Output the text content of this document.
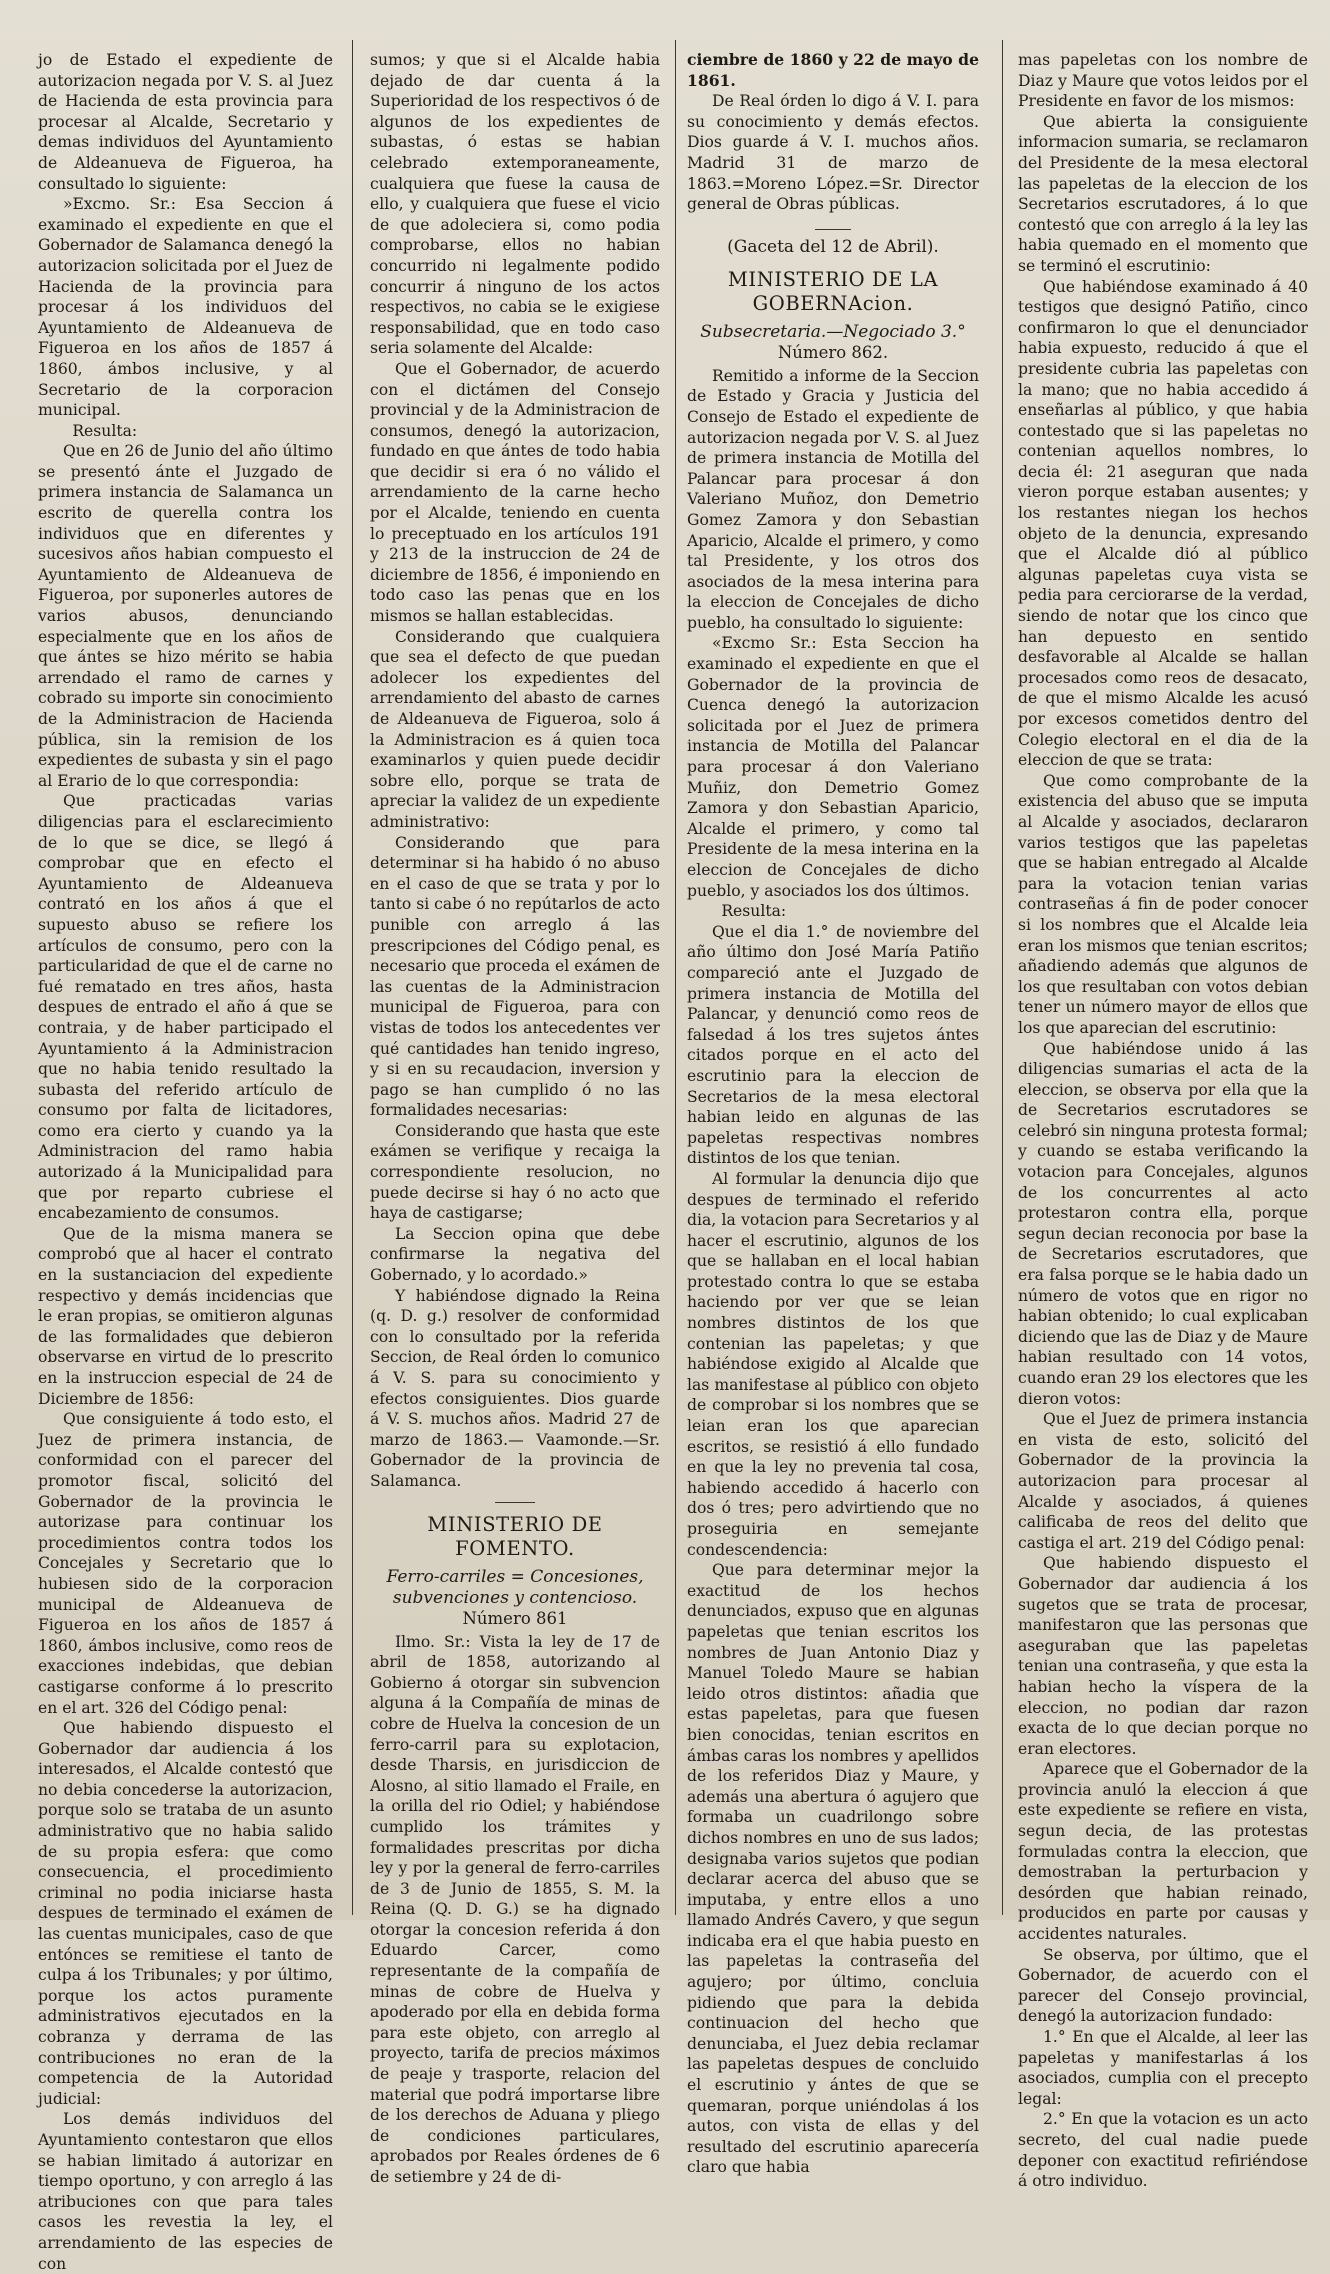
jo de Estado el expediente de autorizacion negada por V. S. al Juez de Hacienda de esta provincia para procesar al Alcalde, Secretario y demas individuos del Ayuntamiento de Aldeanueva de Figueroa, ha consultado lo siguiente:

»Excmo. Sr.: Esa Seccion á examinado el expediente en que el Gobernador de Salamanca denegó la autorizacion solicitada por el Juez de Hacienda de la provincia para procesar á los individuos del Ayuntamiento de Aldeanueva de Figueroa en los años de 1857 á 1860, ámbos inclusive, y al Secretario de la corporacion municipal.

Resulta:

Que en 26 de Junio del año último se presentó ánte el Juzgado de primera instancia de Salamanca un escrito de querella contra los individuos que en diferentes y sucesivos años habian compuesto el Ayuntamiento de Aldeanueva de Figueroa, por suponerles autores de varios abusos, denunciando especialmente que en los años de que ántes se hizo mérito se habia arrendado el ramo de carnes y cobrado su importe sin conocimiento de la Administracion de Hacienda pública, sin la remision de los expedientes de subasta y sin el pago al Erario de lo que correspondia:

Que practicadas varias diligencias para el esclarecimiento de lo que se dice, se llegó á comprobar que en efecto el Ayuntamiento de Aldeanueva contrató en los años á que el supuesto abuso se refiere los artículos de consumo, pero con la particularidad de que el de carne no fué rematado en tres años, hasta despues de entrado el año á que se contraia, y de haber participado el Ayuntamiento á la Administracion que no habia tenido resultado la subasta del referido artículo de consumo por falta de licitadores, como era cierto y cuando ya la Administracion del ramo habia autorizado á la Municipalidad para que por reparto cubriese el encabezamiento de consumos.

Que de la misma manera se comprobó que al hacer el contrato en la sustanciacion del expediente respectivo y demás incidencias que le eran propias, se omitieron algunas de las formalidades que debieron observarse en virtud de lo prescrito en la instruccion especial de 24 de Diciembre de 1856:

Que consiguiente á todo esto, el Juez de primera instancia, de conformidad con el parecer del promotor fiscal, solicitó del Gobernador de la provincia le autorizase para continuar los procedimientos contra todos los Concejales y Secretario que lo hubiesen sido de la corporacion municipal de Aldeanueva de Figueroa en los años de 1857 á 1860, ámbos inclusive, como reos de exacciones indebidas, que debian castigarse conforme á lo prescrito en el art. 326 del Código penal:

Que habiendo dispuesto el Gobernador dar audiencia á los interesados, el Alcalde contestó que no debia concederse la autorizacion, porque solo se trataba de un asunto administrativo que no habia salido de su propia esfera: que como consecuencia, el procedimiento criminal no podia iniciarse hasta despues de terminado el exámen de las cuentas municipales, caso de que entónces se remitiese el tanto de culpa á los Tribunales; y por último, porque los actos puramente administrativos ejecutados en la cobranza y derrama de las contribuciones no eran de la competencia de la Autoridad judicial:

Los demás individuos del Ayuntamiento contestaron que ellos se habian limitado á autorizar en tiempo oportuno, y con arreglo á las atribuciones con que para tales casos les revestia la ley, el arrendamiento de las especies de con

sumos; y que si el Alcalde habia dejado de dar cuenta á la Superioridad de los respectivos ó de algunos de los expedientes de subastas, ó estas se habian celebrado extemporaneamente, cualquiera que fuese la causa de ello, y cualquiera que fuese el vicio de que adoleciera si, como podia comprobarse, ellos no habian concurrido ni legalmente podido concurrir á ninguno de los actos respectivos, no cabia se le exigiese responsabilidad, que en todo caso seria solamente del Alcalde:

Que el Gobernador, de acuerdo con el dictámen del Consejo provincial y de la Administracion de consumos, denegó la autorizacion, fundado en que ántes de todo habia que decidir si era ó no válido el arrendamiento de la carne hecho por el Alcalde, teniendo en cuenta lo preceptuado en los artículos 191 y 213 de la instruccion de 24 de diciembre de 1856, é imponiendo en todo caso las penas que en los mismos se hallan establecidas.

Considerando que cualquiera que sea el defecto de que puedan adolecer los expedientes del arrendamiento del abasto de carnes de Aldeanueva de Figueroa, solo á la Administracion es á quien toca examinarlos y quien puede decidir sobre ello, porque se trata de apreciar la validez de un expediente administrativo:

Considerando que para determinar si ha habido ó no abuso en el caso de que se trata y por lo tanto si cabe ó no repútarlos de acto punible con arreglo á las prescripciones del Código penal, es necesario que proceda el exámen de las cuentas de la Administracion municipal de Figueroa, para con vistas de todos los antecedentes ver qué cantidades han tenido ingreso, y si en su recaudacion, inversion y pago se han cumplido ó no las formalidades necesarias:

Considerando que hasta que este exámen se verifique y recaiga la correspondiente resolucion, no puede decirse si hay ó no acto que haya de castigarse;

La Seccion opina que debe confirmarse la negativa del Gobernado, y lo acordado.»

Y habiéndose dignado la Reina (q. D. g.) resolver de conformidad con lo consultado por la referida Seccion, de Real órden lo comunico á V. S. para su conocimiento y efectos consiguientes. Dios guarde á V. S. muchos años. Madrid 27 de marzo de 1863.— Vaamonde.—Sr. Gobernador de la provincia de Salamanca.

MINISTERIO DE FOMENTO.
Ferro-carriles = Concesiones, subvenciones y contencioso.
Número 861

Ilmo. Sr.: Vista la ley de 17 de abril de 1858, autorizando al Gobierno á otorgar sin subvencion alguna á la Compañía de minas de cobre de Huelva la concesion de un ferro-carril para su explotacion, desde Tharsis, en jurisdiccion de Alosno, al sitio llamado el Fraile, en la orilla del rio Odiel; y habiéndose cumplido los trámites y formalidades prescritas por dicha ley y por la general de ferro-carriles de 3 de Junio de 1855, S. M. la Reina (Q. D. G.) se ha dignado otorgar la concesion referida á don Eduardo Carcer, como representante de la compañía de minas de cobre de Huelva y apoderado por ella en debida forma para este objeto, con arreglo al proyecto, tarifa de precios máximos de peaje y trasporte, relacion del material que podrá importarse libre de los derechos de Aduana y pliego de condiciones particulares, aprobados por Reales órdenes de 6 de setiembre y 24 de di-

ciembre de 1860 y 22 de mayo de 1861.

De Real órden lo digo á V. I. para su conocimiento y demás efectos. Dios guarde á V. I. muchos años. Madrid 31 de marzo de 1863.=Moreno López.=Sr. Director general de Obras públicas.

(Gaceta del 12 de Abril).
MINISTERIO DE LA GOBERNAcion.
Subsecretaria.—Negociado 3.°
Número 862.

Remitido a informe de la Seccion de Estado y Gracia y Justicia del Consejo de Estado el expediente de autorizacion negada por V. S. al Juez de primera instancia de Motilla del Palancar para procesar á don Valeriano Muñoz, don Demetrio Gomez Zamora y don Sebastian Aparicio, Alcalde el primero, y como tal Presidente, y los otros dos asociados de la mesa interina para la eleccion de Concejales de dicho pueblo, ha consultado lo siguiente:

«Excmo Sr.: Esta Seccion ha examinado el expediente en que el Gobernador de la provincia de Cuenca denegó la autorizacion solicitada por el Juez de primera instancia de Motilla del Palancar para procesar á don Valeriano Muñiz, don Demetrio Gomez Zamora y don Sebastian Aparicio, Alcalde el primero, y como tal Presidente de la mesa interina en la eleccion de Concejales de dicho pueblo, y asociados los dos últimos.

Resulta:

Que el dia 1.° de noviembre del año último don José María Patiño compareció ante el Juzgado de primera instancia de Motilla del Palancar, y denunció como reos de falsedad á los tres sujetos ántes citados porque en el acto del escrutinio para la eleccion de Secretarios de la mesa electoral habian leido en algunas de las papeletas respectivas nombres distintos de los que tenian.

Al formular la denuncia dijo que despues de terminado el referido dia, la votacion para Secretarios y al hacer el escrutinio, algunos de los que se hallaban en el local habian protestado contra lo que se estaba haciendo por ver que se leian nombres distintos de los que contenian las papeletas; y que habiéndose exigido al Alcalde que las manifestase al público con objeto de comprobar si los nombres que se leian eran los que aparecian escritos, se resistió á ello fundado en que la ley no prevenia tal cosa, habiendo accedido á hacerlo con dos ó tres; pero advirtiendo que no proseguiria en semejante condescendencia:

Que para determinar mejor la exactitud de los hechos denunciados, expuso que en algunas papeletas que tenian escritos los nombres de Juan Antonio Diaz y Manuel Toledo Maure se habian leido otros distintos: añadia que estas papeletas, para que fuesen bien conocidas, tenian escritos en ámbas caras los nombres y apellidos de los referidos Diaz y Maure, y además una abertura ó agujero que formaba un cuadrilongo sobre dichos nombres en uno de sus lados; designaba varios sujetos que podian declarar acerca del abuso que se imputaba, y entre ellos a uno llamado Andrés Cavero, y que segun indicaba era el que habia puesto en las papeletas la contraseña del agujero; por último, concluia pidiendo que para la debida continuacion del hecho que denunciaba, el Juez debia reclamar las papeletas despues de concluido el escrutinio y ántes de que se quemaran, porque uniéndolas á los autos, con vista de ellas y del resultado del escrutinio aparecería claro que habia

mas papeletas con los nombre de Diaz y Maure que votos leidos por el Presidente en favor de los mismos:

Que abierta la consiguiente informacion sumaria, se reclamaron del Presidente de la mesa electoral las papeletas de la eleccion de los Secretarios escrutadores, á lo que contestó que con arreglo á la ley las habia quemado en el momento que se terminó el escrutinio:

Que habiéndose examinado á 40 testigos que designó Patiño, cinco confirmaron lo que el denunciador habia expuesto, reducido á que el presidente cubria las papeletas con la mano; que no habia accedido á enseñarlas al público, y que habia contestado que si las papeletas no contenian aquellos nombres, lo decia él: 21 aseguran que nada vieron porque estaban ausentes; y los restantes niegan los hechos objeto de la denuncia, expresando que el Alcalde dió al público algunas papeletas cuya vista se pedia para cerciorarse de la verdad, siendo de notar que los cinco que han depuesto en sentido desfavorable al Alcalde se hallan procesados como reos de desacato, de que el mismo Alcalde les acusó por excesos cometidos dentro del Colegio electoral en el dia de la eleccion de que se trata:

Que como comprobante de la existencia del abuso que se imputa al Alcalde y asociados, declararon varios testigos que las papeletas que se habian entregado al Alcalde para la votacion tenian varias contraseñas á fin de poder conocer si los nombres que el Alcalde leia eran los mismos que tenian escritos; añadiendo además que algunos de los que resultaban con votos debian tener un número mayor de ellos que los que aparecian del escrutinio:

Que habiéndose unido á las diligencias sumarias el acta de la eleccion, se observa por ella que la de Secretarios escrutadores se celebró sin ninguna protesta formal; y cuando se estaba verificando la votacion para Concejales, algunos de los concurrentes al acto protestaron contra ella, porque segun decian reconocia por base la de Secretarios escrutadores, que era falsa porque se le habia dado un número de votos que en rigor no habian obtenido; lo cual explicaban diciendo que las de Diaz y de Maure habian resultado con 14 votos, cuando eran 29 los electores que les dieron votos:

Que el Juez de primera instancia en vista de esto, solicitó del Gobernador de la provincia la autorizacion para procesar al Alcalde y asociados, á quienes calificaba de reos del delito que castiga el art. 219 del Código penal:

Que habiendo dispuesto el Gobernador dar audiencia á los sugetos que se trata de procesar, manifestaron que las personas que aseguraban que las papeletas tenian una contraseña, y que esta la habian hecho la víspera de la eleccion, no podian dar razon exacta de lo que decian porque no eran electores.

Aparece que el Gobernador de la provincia anuló la eleccion á que este expediente se refiere en vista, segun decia, de las protestas formuladas contra la eleccion, que demostraban la perturbacion y desórden que habian reinado, producidos en parte por causas y accidentes naturales.

Se observa, por último, que el Gobernador, de acuerdo con el parecer del Consejo provincial, denegó la autorizacion fundado:

1.° En que el Alcalde, al leer las papeletas y manifestarlas á los asociados, cumplia con el precepto legal:

2.° En que la votacion es un acto secreto, del cual nadie puede deponer con exactitud refiriéndose á otro individuo.
